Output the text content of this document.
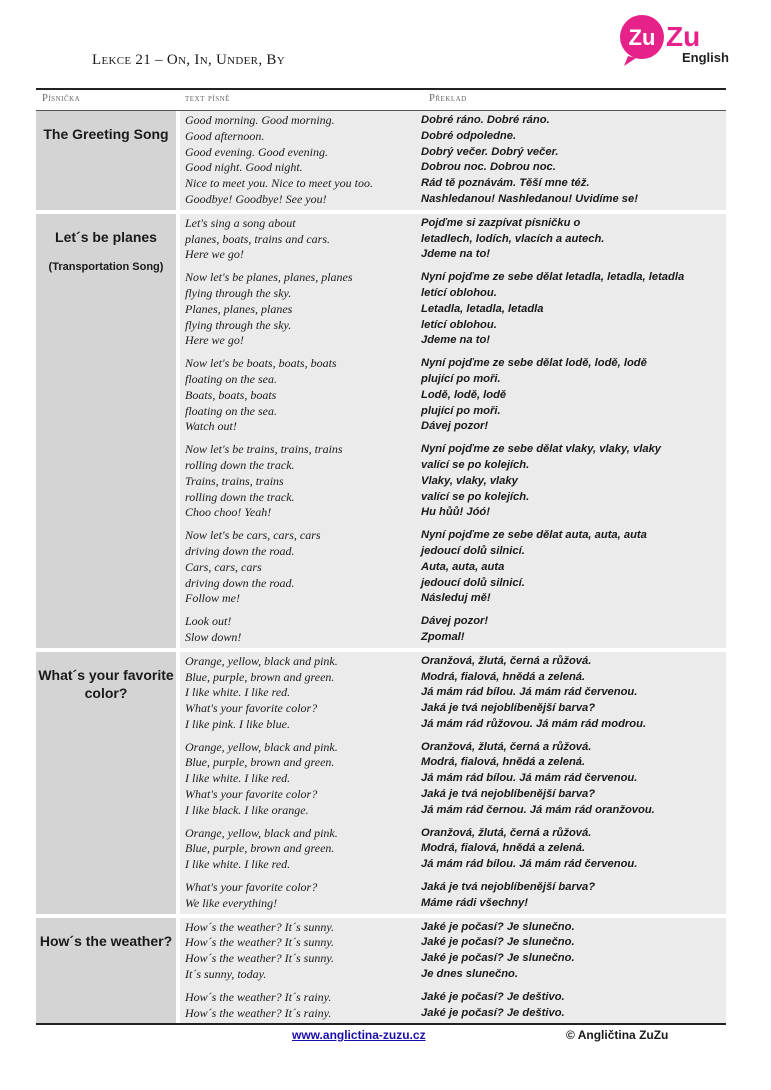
Lekce 21 – On, In, Under, By
Zu Zu
English
Písnička	text písně	Překlad
The Greeting Song
Good morning. Good morning.	Dobré ráno. Dobré ráno.
Good afternoon.	Dobré odpoledne.
Good evening. Good evening.	Dobrý večer. Dobrý večer.
Good night. Good night.	Dobrou noc. Dobrou noc.
Nice to meet you. Nice to meet you too.	Rád tě poznávám. Těší mne též.
Goodbye! Goodbye! See you!	Nashledanou! Nashledanou! Uvidíme se!
Let´s be planes
(Transportation Song)
Let's sing a song about	Pojďme si zazpívat písničku o
planes, boats, trains and cars.	letadlech, lodích, vlacích a autech.
Here we go!	Jdeme na to!
Now let's be planes, planes, planes	Nyní pojďme ze sebe dělat letadla, letadla, letadla
flying through the sky.	letící oblohou.
Planes, planes, planes	Letadla, letadla, letadla
flying through the sky.	letící oblohou.
Here we go!	Jdeme na to!
Now let's be boats, boats, boats	Nyní pojďme ze sebe dělat lodě, lodě, lodě
floating on the sea.	plující po moři.
Boats, boats, boats	Lodě, lodě, lodě
floating on the sea.	plující po moři.
Watch out!	Dávej pozor!
Now let's be trains, trains, trains	Nyní pojďme ze sebe dělat vlaky, vlaky, vlaky
rolling down the track.	valící se po kolejích.
Trains, trains, trains	Vlaky, vlaky, vlaky
rolling down the track.	valící se po kolejích.
Choo choo! Yeah!	Hu hůů! Jóó!
Now let's be cars, cars, cars	Nyní pojďme ze sebe dělat auta, auta, auta
driving down the road.	jedoucí dolů silnicí.
Cars, cars, cars	Auta, auta, auta
driving down the road.	jedoucí dolů silnicí.
Follow me!	Následuj mě!
Look out!	Dávej pozor!
Slow down!	Zpomal!
What´s your favorite color?
Orange, yellow, black and pink.	Oranžová, žlutá, černá a růžová.
Blue, purple, brown and green.	Modrá, fialová, hnědá a zelená.
I like white. I like red.	Já mám rád bílou. Já mám rád červenou.
What's your favorite color?	Jaká je tvá nejoblíbenější barva?
I like pink. I like blue.	Já mám rád růžovou. Já mám rád modrou.
Orange, yellow, black and pink.	Oranžová, žlutá, černá a růžová.
Blue, purple, brown and green.	Modrá, fialová, hnědá a zelená.
I like white. I like red.	Já mám rád bílou. Já mám rád červenou.
What's your favorite color?	Jaká je tvá nejoblíbenější barva?
I like black. I like orange.	Já mám rád černou. Já mám rád oranžovou.
Orange, yellow, black and pink.	Oranžová, žlutá, černá a růžová.
Blue, purple, brown and green.	Modrá, fialová, hnědá a zelená.
I like white. I like red.	Já mám rád bílou. Já mám rád červenou.
What's your favorite color?	Jaká je tvá nejoblíbenější barva?
We like everything!	Máme rádi všechny!
How´s the weather?
How´s the weather? It´s sunny.	Jaké je počasí? Je slunečno.
How´s the weather? It´s sunny.	Jaké je počasí? Je slunečno.
How´s the weather? It´s sunny.	Jaké je počasí? Je slunečno.
It´s sunny, today.	Je dnes slunečno.
How´s the weather? It´s rainy.	Jaké je počasí? Je deštivo.
How´s the weather? It´s rainy.	Jaké je počasí? Je deštivo.
www.anglictina-zuzu.cz	© Angličtina ZuZu
